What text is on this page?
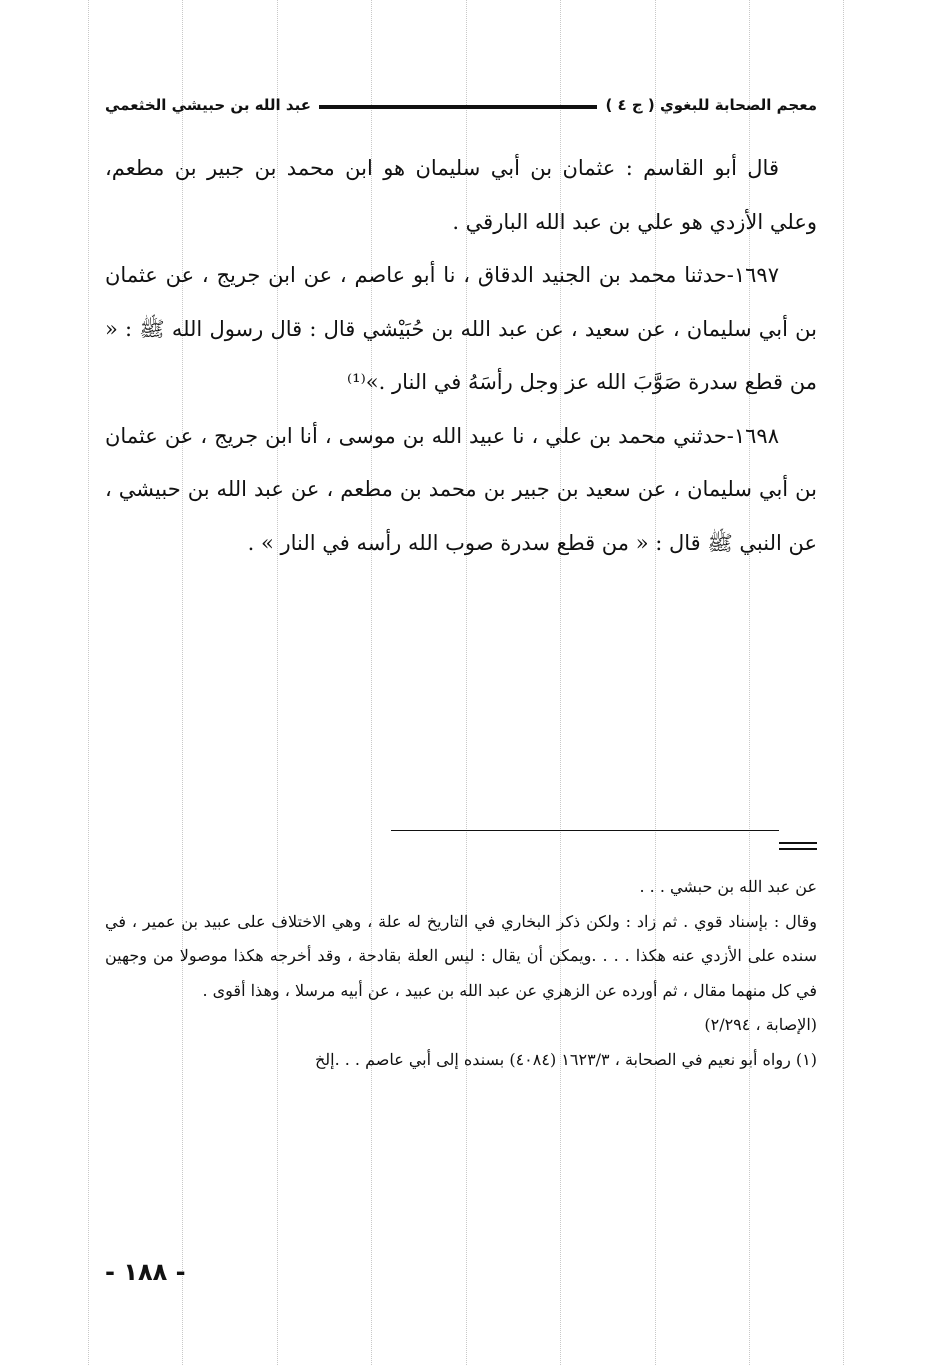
معجم الصحابة للبغوي ( ج ٤ )
عبد الله بن حبيشي الخثعمي

قال أبو القاسم : عثمان بن أبي سليمان هو ابن محمد بن جبير بن مطعم، وعلي الأزدي هو علي بن عبد الله البارقي .

١٦٩٧-حدثنا محمد بن الجنيد الدقاق ، نا أبو عاصم ، عن ابن جريج ، عن عثمان بن أبي سليمان ، عن سعيد ، عن عبد الله بن حُبَيْشي قال : قال رسول الله ﷺ : « من قطع سدرة صَوَّبَ الله عز وجل رأسَهُ في النار .»⁽¹⁾

١٦٩٨-حدثني محمد بن علي ، نا عبيد الله بن موسى ، أنا ابن جريج ، عن عثمان بن أبي سليمان ، عن سعيد بن جبير بن محمد بن مطعم ، عن عبد الله بن حبيشي ، عن النبي ﷺ قال : « من قطع سدرة صوب الله رأسه في النار » .

عن عبد الله بن حبشي . . .

وقال : بإسناد قوي . ثم زاد : ولكن ذكر البخاري في التاريخ له علة ، وهي الاختلاف على عبيد بن عمير ، في سنده على الأزدي عنه هكذا . . . .ويمكن أن يقال : ليس العلة بقادحة ، وقد أخرجه هكذا موصولا من وجهين في كل منهما مقال ، ثم أورده عن الزهري عن عبد الله بن عبيد ، عن أبيه مرسلا ، وهذا أقوى .

(الإصابة ، ٢/٢٩٤)

(١) رواه أبو نعيم في الصحابة ، ١٦٢٣/٣ (٤٠٨٤) بسنده إلى أبي عاصم . . .إلخ

- ١٨٨ -
